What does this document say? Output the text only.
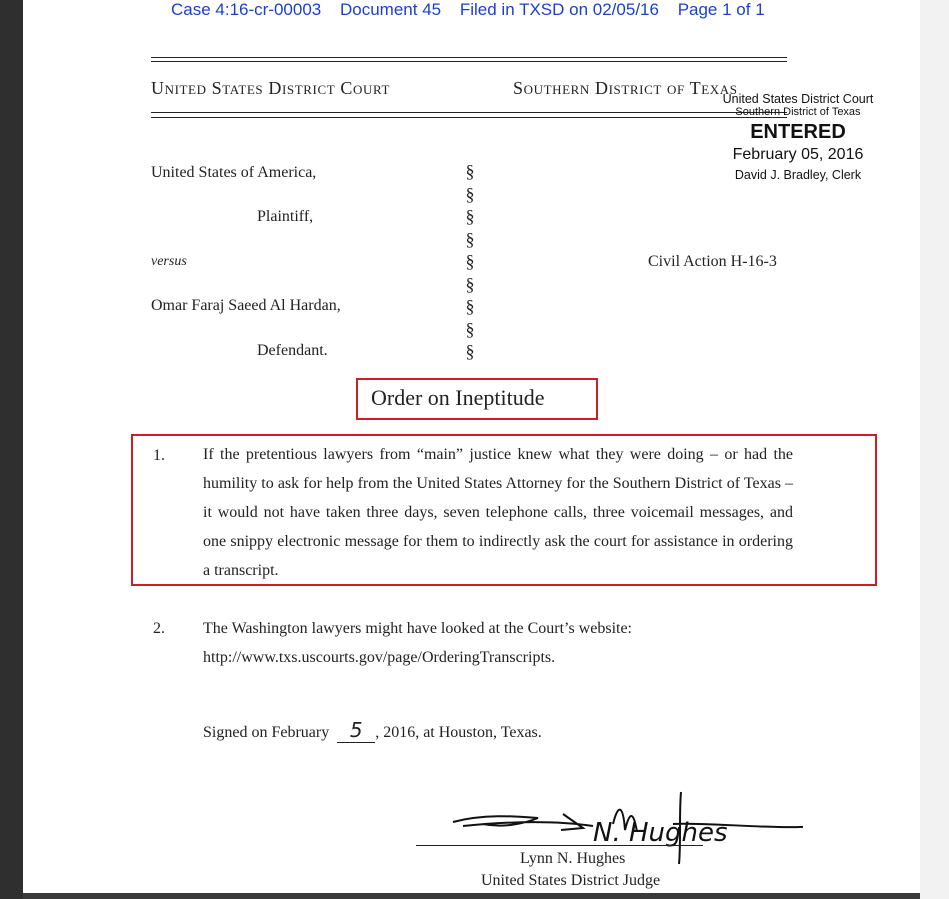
Case 4:16-cr-00003 Document 45 Filed in TXSD on 02/05/16 Page 1 of 1
United States District Court	Southern District of Texas
United States District Court
Southern District of Texas
ENTERED
February 05, 2016
David J. Bradley, Clerk
United States of America,
Plaintiff,
versus
Omar Faraj Saeed Al Hardan,
Defendant.
Civil Action H-16-3
§
§
§
§
§
§
§
§
§
Order on Ineptitude
1. If the pretentious lawyers from “main” justice knew what they were doing – or had the humility to ask for help from the United States Attorney for the Southern District of Texas – it would not have taken three days, seven telephone calls, three voicemail messages, and one snippy electronic message for them to indirectly ask the court for assistance in ordering a transcript.
2. The Washington lawyers might have looked at the Court’s website: http://www.txs.uscourts.gov/page/OrderingTranscripts.
Signed on February 5 , 2016, at Houston, Texas.
N. Hughes
Lynn N. Hughes
United States District Judge
